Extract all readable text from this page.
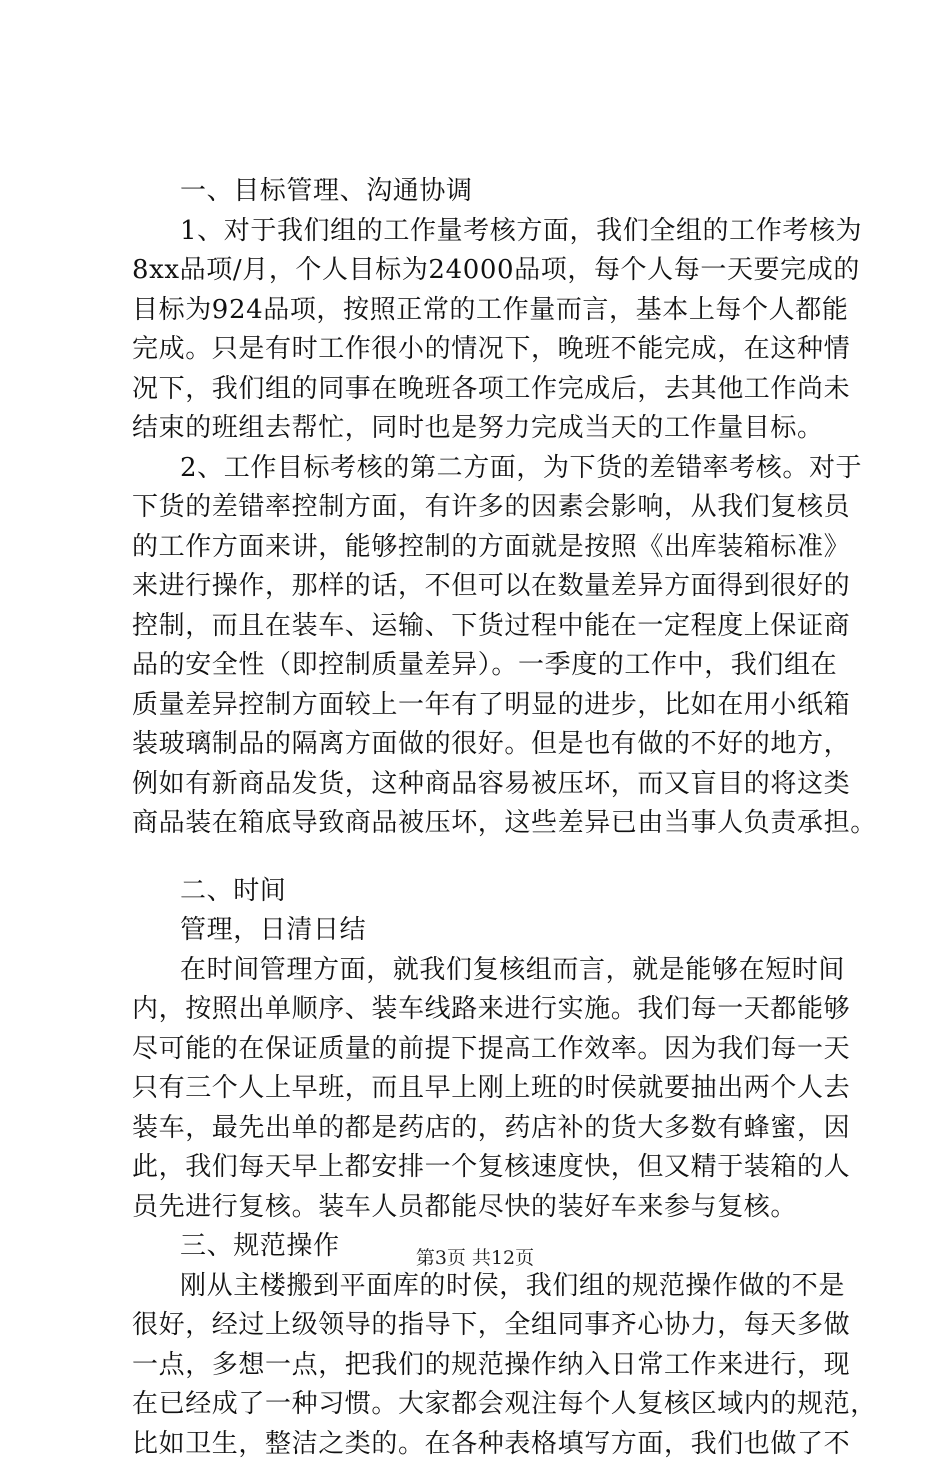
一、目标管理、沟通协调
1、对于我们组的工作量考核方面，我们全组的工作考核为
8xx品项/月，个人目标为24000品项，每个人每一天要完成的
目标为924品项，按照正常的工作量而言，基本上每个人都能
完成。只是有时工作很小的情况下，晚班不能完成，在这种情
况下，我们组的同事在晚班各项工作完成后，去其他工作尚未
结束的班组去帮忙，同时也是努力完成当天的工作量目标。
2、工作目标考核的第二方面，为下货的差错率考核。对于
下货的差错率控制方面，有许多的因素会影响，从我们复核员
的工作方面来讲，能够控制的方面就是按照《出库装箱标准》
来进行操作，那样的话，不但可以在数量差异方面得到很好的
控制，而且在装车、运输、下货过程中能在一定程度上保证商
品的安全性（即控制质量差异）。一季度的工作中，我们组在
质量差异控制方面较上一年有了明显的进步，比如在用小纸箱
装玻璃制品的隔离方面做的很好。但是也有做的不好的地方，
例如有新商品发货，这种商品容易被压坏，而又盲目的将这类
商品装在箱底导致商品被压坏，这些差异已由当事人负责承担。
二、时间
管理，日清日结
在时间管理方面，就我们复核组而言，就是能够在短时间
内，按照出单顺序、装车线路来进行实施。我们每一天都能够
尽可能的在保证质量的前提下提高工作效率。因为我们每一天
只有三个人上早班，而且早上刚上班的时侯就要抽出两个人去
装车，最先出单的都是药店的，药店补的货大多数有蜂蜜，因
此，我们每天早上都安排一个复核速度快，但又精于装箱的人
员先进行复核。装车人员都能尽快的装好车来参与复核。
三、规范操作
刚从主楼搬到平面库的时侯，我们组的规范操作做的不是
很好，经过上级领导的指导下，全组同事齐心协力，每天多做
一点，多想一点，把我们的规范操作纳入日常工作来进行，现
在已经成了一种习惯。大家都会观注每个人复核区域内的规范，
比如卫生，整洁之类的。在各种表格填写方面，我们也做了不
第3页 共12页
